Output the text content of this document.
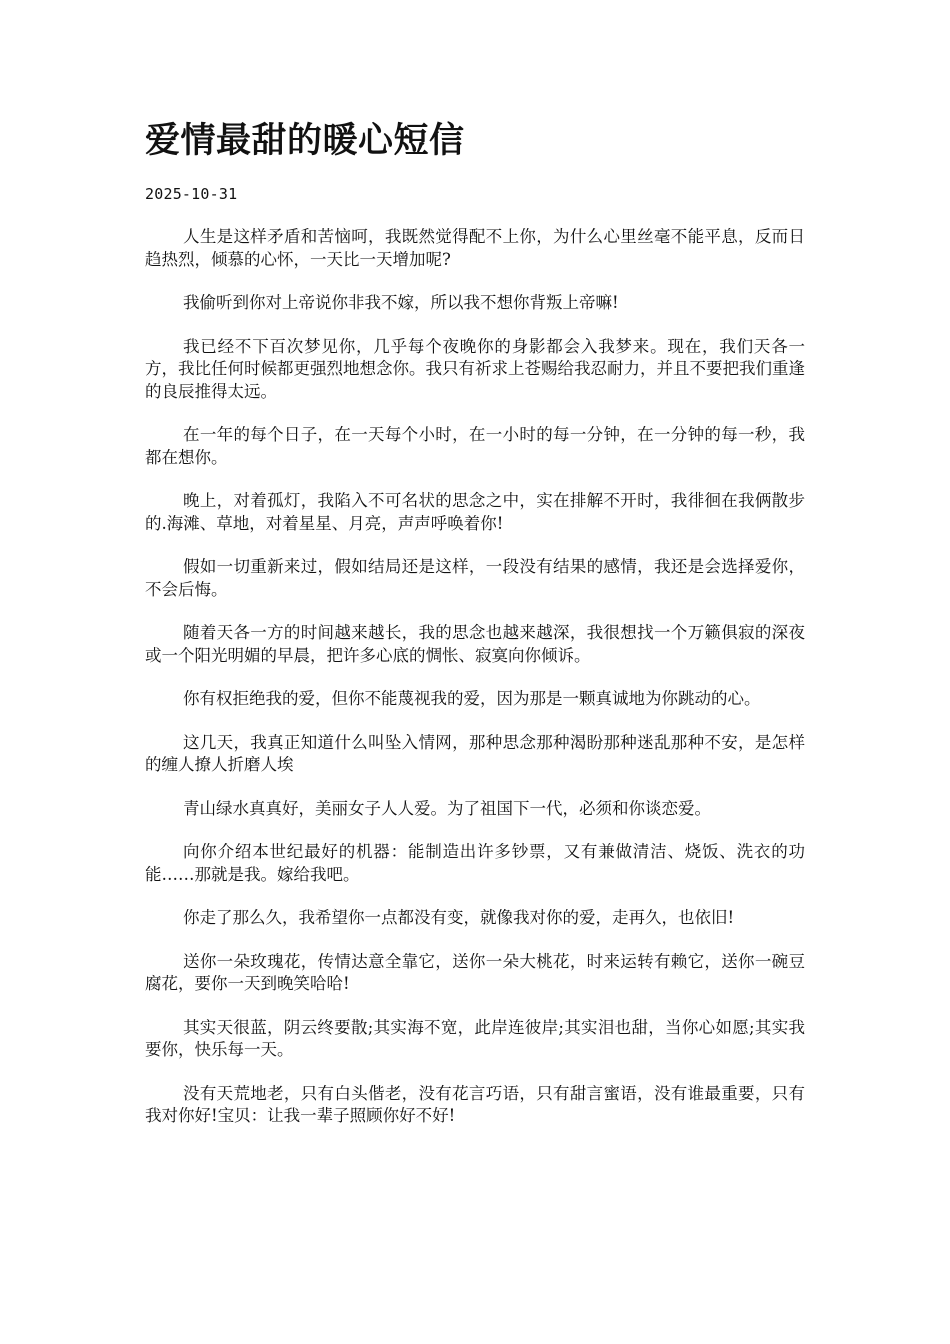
爱情最甜的暖心短信
2025-10-31

人生是这样矛盾和苦恼呵，我既然觉得配不上你，为什么心里丝毫不能平息，反而日趋热烈，倾慕的心怀，一天比一天增加呢?

我偷听到你对上帝说你非我不嫁，所以我不想你背叛上帝嘛!

我已经不下百次梦见你，几乎每个夜晚你的身影都会入我梦来。现在，我们天各一方，我比任何时候都更强烈地想念你。我只有祈求上苍赐给我忍耐力，并且不要把我们重逢的良辰推得太远。

在一年的每个日子，在一天每个小时，在一小时的每一分钟，在一分钟的每一秒，我都在想你。

晚上，对着孤灯，我陷入不可名状的思念之中，实在排解不开时，我徘徊在我俩散步的.海滩、草地，对着星星、月亮，声声呼唤着你!

假如一切重新来过，假如结局还是这样，一段没有结果的感情，我还是会选择爱你，不会后悔。

随着天各一方的时间越来越长，我的思念也越来越深，我很想找一个万籁俱寂的深夜或一个阳光明媚的早晨，把许多心底的惆怅、寂寞向你倾诉。

你有权拒绝我的爱，但你不能蔑视我的爱，因为那是一颗真诚地为你跳动的心。

这几天，我真正知道什么叫坠入情网，那种思念那种渴盼那种迷乱那种不安，是怎样的缠人撩人折磨人埃

青山绿水真真好，美丽女子人人爱。为了祖国下一代，必须和你谈恋爱。

向你介绍本世纪最好的机器：能制造出许多钞票，又有兼做清洁、烧饭、洗衣的功能……那就是我。嫁给我吧。

你走了那么久，我希望你一点都没有变，就像我对你的爱，走再久，也依旧!

送你一朵玫瑰花，传情达意全靠它，送你一朵大桃花，时来运转有赖它，送你一碗豆腐花，要你一天到晚笑哈哈!

其实天很蓝，阴云终要散;其实海不宽，此岸连彼岸;其实泪也甜，当你心如愿;其实我要你，快乐每一天。

没有天荒地老，只有白头偕老，没有花言巧语，只有甜言蜜语，没有谁最重要，只有我对你好!宝贝：让我一辈子照顾你好不好!
